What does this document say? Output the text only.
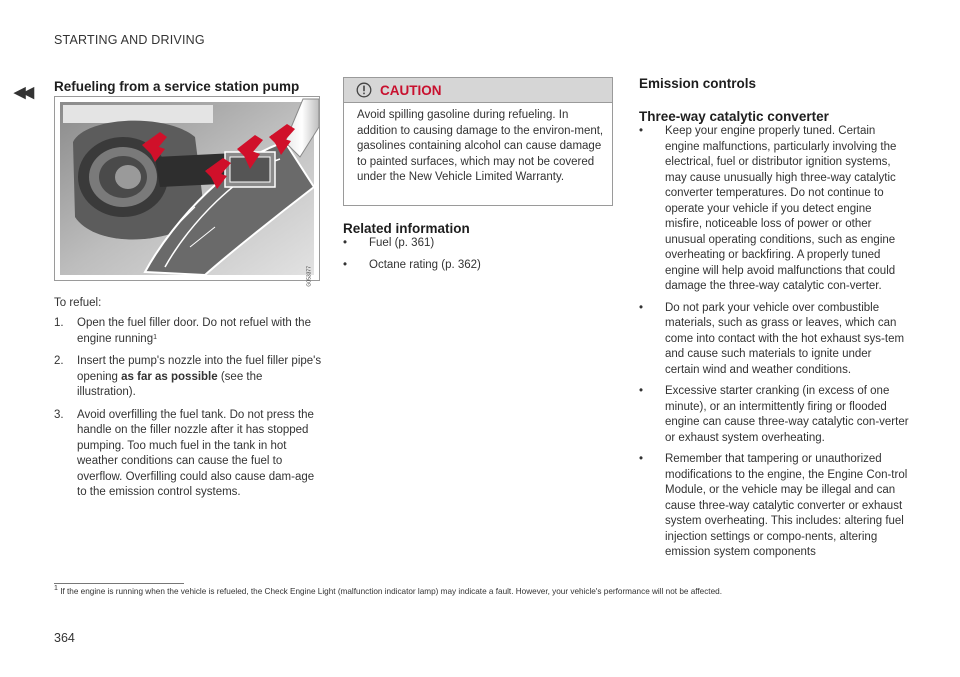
STARTING AND DRIVING
◀◀ Refueling from a service station pump
G053377
To refuel:
1. Open the fuel filler door. Do not refuel with the engine running$^1$
2. Insert the pump's nozzle into the fuel filler pipe's opening as far as possible (see the illustration).
3. Avoid overfilling the fuel tank. Do not press the handle on the filler nozzle after it has stopped pumping. Too much fuel in the tank in hot weather conditions can cause the fuel to overflow. Overfilling could also cause dam-age to the emission control systems.
CAUTION
Avoid spilling gasoline during refueling. In addition to causing damage to the environ-ment, gasolines containing alcohol can cause damage to painted surfaces, which may not be covered under the New Vehicle Limited Warranty.
Related information
• Fuel (p. 361)
• Octane rating (p. 362)
Emission controls
Three-way catalytic converter
• Keep your engine properly tuned. Certain engine malfunctions, particularly involving the electrical, fuel or distributor ignition systems, may cause unusually high three-way catalytic converter temperatures. Do not continue to operate your vehicle if you detect engine misfire, noticeable loss of power or other unusual operating conditions, such as engine overheating or backfiring. A properly tuned engine will help avoid malfunctions that could damage the three-way catalytic con-verter.
• Do not park your vehicle over combustible materials, such as grass or leaves, which can come into contact with the hot exhaust sys-tem and cause such materials to ignite under certain wind and weather conditions.
• Excessive starter cranking (in excess of one minute), or an intermittently firing or flooded engine can cause three-way catalytic con-verter or exhaust system overheating.
• Remember that tampering or unauthorized modifications to the engine, the Engine Con-trol Module, or the vehicle may be illegal and can cause three-way catalytic converter or exhaust system overheating. This includes: altering fuel injection settings or compo-nents, altering emission system components
$^1$ If the engine is running when the vehicle is refueled, the Check Engine Light (malfunction indicator lamp) may indicate a fault. However, your vehicle's performance will not be affected.
364
